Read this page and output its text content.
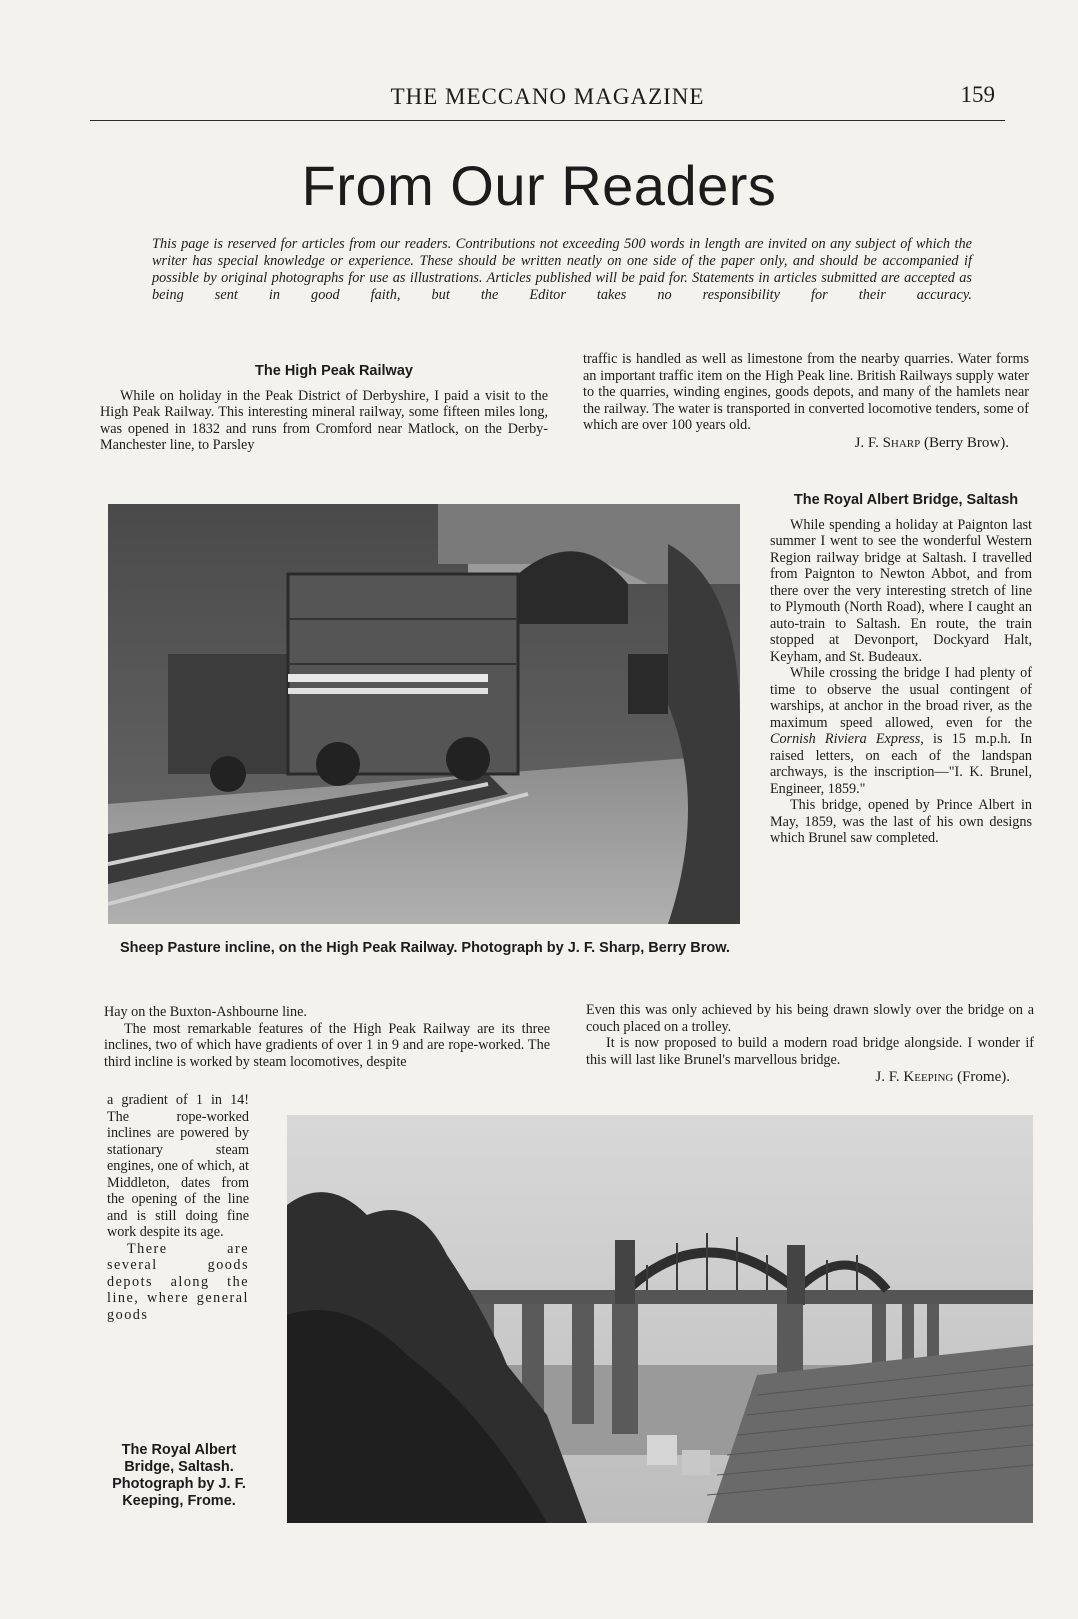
THE MECCANO MAGAZINE	159
From Our Readers

This page is reserved for articles from our readers. Contributions not exceeding 500 words in length are invited on any subject of which the writer has special knowledge or experience. These should be written neatly on one side of the paper only, and should be accompanied if possible by original photographs for use as illustrations. Articles published will be paid for. Statements in articles submitted are accepted as being sent in good faith, but the Editor takes no responsibility for their accuracy.

The High Peak Railway

While on holiday in the Peak District of Derbyshire, I paid a visit to the High Peak Railway. This interesting mineral railway, some fifteen miles long, was opened in 1832 and runs from Cromford near Matlock, on the Derby-Manchester line, to Parsley

traffic is handled as well as limestone from the nearby quarries. Water forms an important traffic item on the High Peak line. British Railways supply water to the quarries, winding engines, goods depots, and many of the hamlets near the railway. The water is transported in converted locomotive tenders, some of which are over 100 years old.

J. F. Sharp (Berry Brow).

Sheep Pasture incline, on the High Peak Railway. Photograph by J. F. Sharp, Berry Brow.

The Royal Albert Bridge, Saltash

While spending a holiday at Paignton last summer I went to see the wonderful Western Region railway bridge at Saltash. I travelled from Paignton to Newton Abbot, and from there over the very interesting stretch of line to Plymouth (North Road), where I caught an auto-train to Saltash. En route, the train stopped at Devonport, Dockyard Halt, Keyham, and St. Budeaux.

While crossing the bridge I had plenty of time to observe the usual contingent of warships, at anchor in the broad river, as the maximum speed allowed, even for the Cornish Riviera Express, is 15 m.p.h. In raised letters, on each of the landspan archways, is the inscription—"I. K. Brunel, Engineer, 1859."

This bridge, opened by Prince Albert in May, 1859, was the last of his own designs which Brunel saw completed.

Hay on the Buxton-Ashbourne line.

The most remarkable features of the High Peak Railway are its three inclines, two of which have gradients of over 1 in 9 and are rope-worked. The third incline is worked by steam locomotives, despite

a gradient of 1 in 14! The rope-worked inclines are powered by stationary steam engines, one of which, at Middleton, dates from the opening of the line and is still doing fine work despite its age.

There are several goods depots along the line, where general goods

Even this was only achieved by his being drawn slowly over the bridge on a couch placed on a trolley.

It is now proposed to build a modern road bridge alongside. I wonder if this will last like Brunel's marvellous bridge.

J. F. Keeping (Frome).

The Royal Albert Bridge, Saltash. Photograph by J. F. Keeping, Frome.
